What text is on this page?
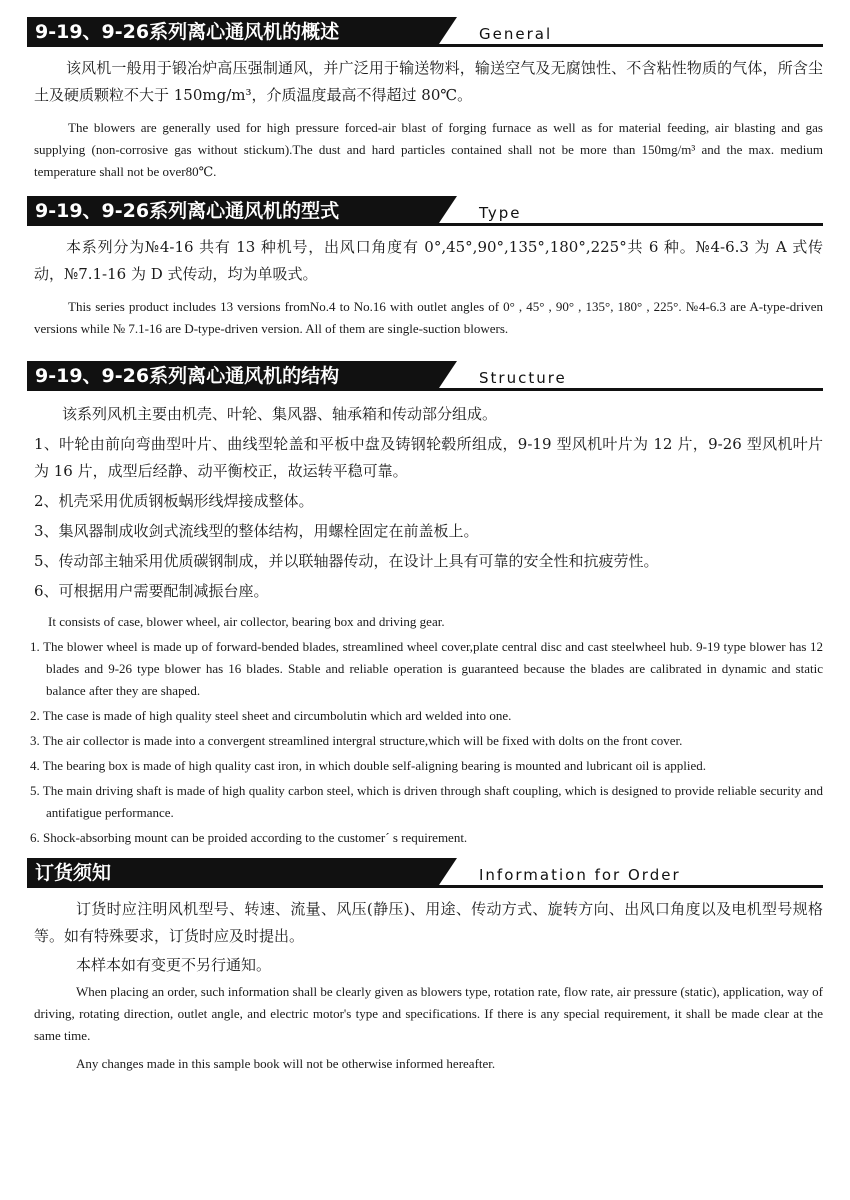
9-19、9-26系列离心通风机的概述	General

该风机一般用于锻冶炉高压强制通风，并广泛用于输送物料，输送空气及无腐蚀性、不含粘性物质的气体，所含尘土及硬质颗粒不大于 150mg/m³，介质温度最高不得超过 80℃。

The blowers are generally used for high pressure forced-air blast of forging furnace as well as for material feeding, air blasting and gas supplying (non-corrosive gas without stickum).The dust and hard particles contained shall not be more than 150mg/m³ and the max. medium temperature shall not be over80℃.

9-19、9-26系列离心通风机的型式	Type

本系列分为№4-16 共有 13 种机号，出风口角度有 0°,45°,90°,135°,180°,225°共 6 种。№4-6.3 为 A 式传动，№7.1-16 为 D 式传动，均为单吸式。

This series product includes 13 versions fromNo.4 to No.16 with outlet angles of 0° , 45° , 90° , 135°, 180° , 225°. №4-6.3 are A-type-driven versions while № 7.1-16 are D-type-driven version. All of them are single-suction blowers.

9-19、9-26系列离心通风机的结构	Structure

该系列风机主要由机壳、叶轮、集风器、轴承箱和传动部分组成。

1、叶轮由前向弯曲型叶片、曲线型轮盖和平板中盘及铸钢轮毂所组成，9-19 型风机叶片为 12 片，9-26 型风机叶片为 16 片，成型后经静、动平衡校正，故运转平稳可靠。

2、机壳采用优质钢板蜗形线焊接成整体。

3、集风器制成收剑式流线型的整体结构，用螺栓固定在前盖板上。

5、传动部主轴采用优质碳钢制成，并以联轴器传动，在设计上具有可靠的安全性和抗疲劳性。

6、可根据用户需要配制减振台座。

It consists of case, blower wheel, air collector, bearing box and driving gear.

1. The blower wheel is made up of forward-bended blades, streamlined wheel cover,plate central disc and cast steelwheel hub. 9-19 type blower has 12 blades and 9-26 type blower has 16 blades. Stable and reliable operation is guaranteed because the blades are calibrated in dynamic and static balance after they are shaped.

2. The case is made of high quality steel sheet and circumbolutin which ard welded into one.

3. The air collector is made into a convergent streamlined intergral structure,which will be fixed with dolts on the front cover.

4. The bearing box is made of high quality cast iron, in which double self-aligning bearing is mounted and lubricant oil is applied.

5. The main driving shaft is made of high quality carbon steel, which is driven through shaft coupling, which is designed to provide reliable security and antifatigue performance.

6. Shock-absorbing mount can be proided according to the customer´ s requirement.

订货须知	Information for Order

订货时应注明风机型号、转速、流量、风压(静压)、用途、传动方式、旋转方向、出风口角度以及电机型号规格等。如有特殊要求，订货时应及时提出。

本样本如有变更不另行通知。

When placing an order, such information shall be clearly given as blowers type, rotation rate, flow rate, air pressure (static), application, way of driving, rotating direction, outlet angle, and electric motor's type and specifications. If there is any special requirement, it shall be made clear at the same time.

Any changes made in this sample book will not be otherwise informed hereafter.
